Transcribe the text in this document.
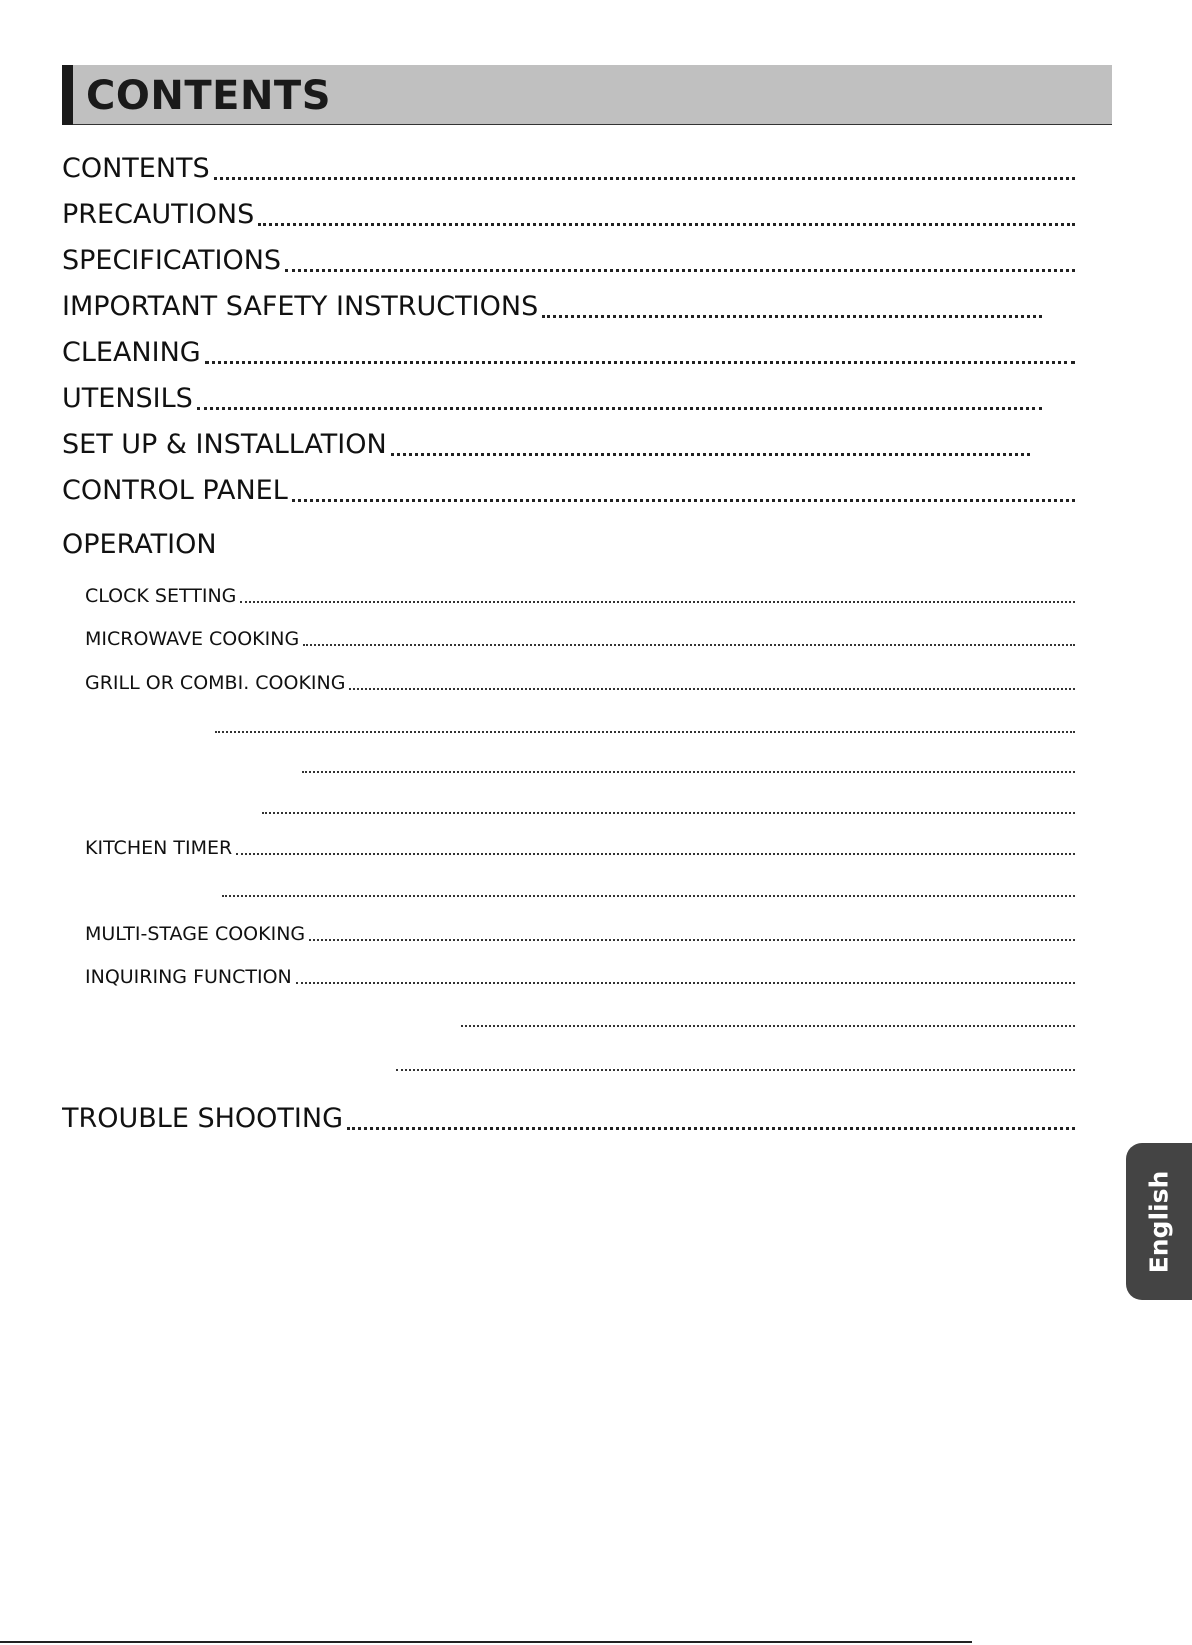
CONTENTS
CONTENTS
PRECAUTIONS
SPECIFICATIONS
IMPORTANT SAFETY INSTRUCTIONS
CLEANING
UTENSILS
SET UP & INSTALLATION
CONTROL PANEL
OPERATION
CLOCK SETTING
MICROWAVE COOKING
GRILL OR COMBI. COOKING
KITCHEN TIMER
MULTI-STAGE COOKING
INQUIRING FUNCTION
TROUBLE SHOOTING
English
